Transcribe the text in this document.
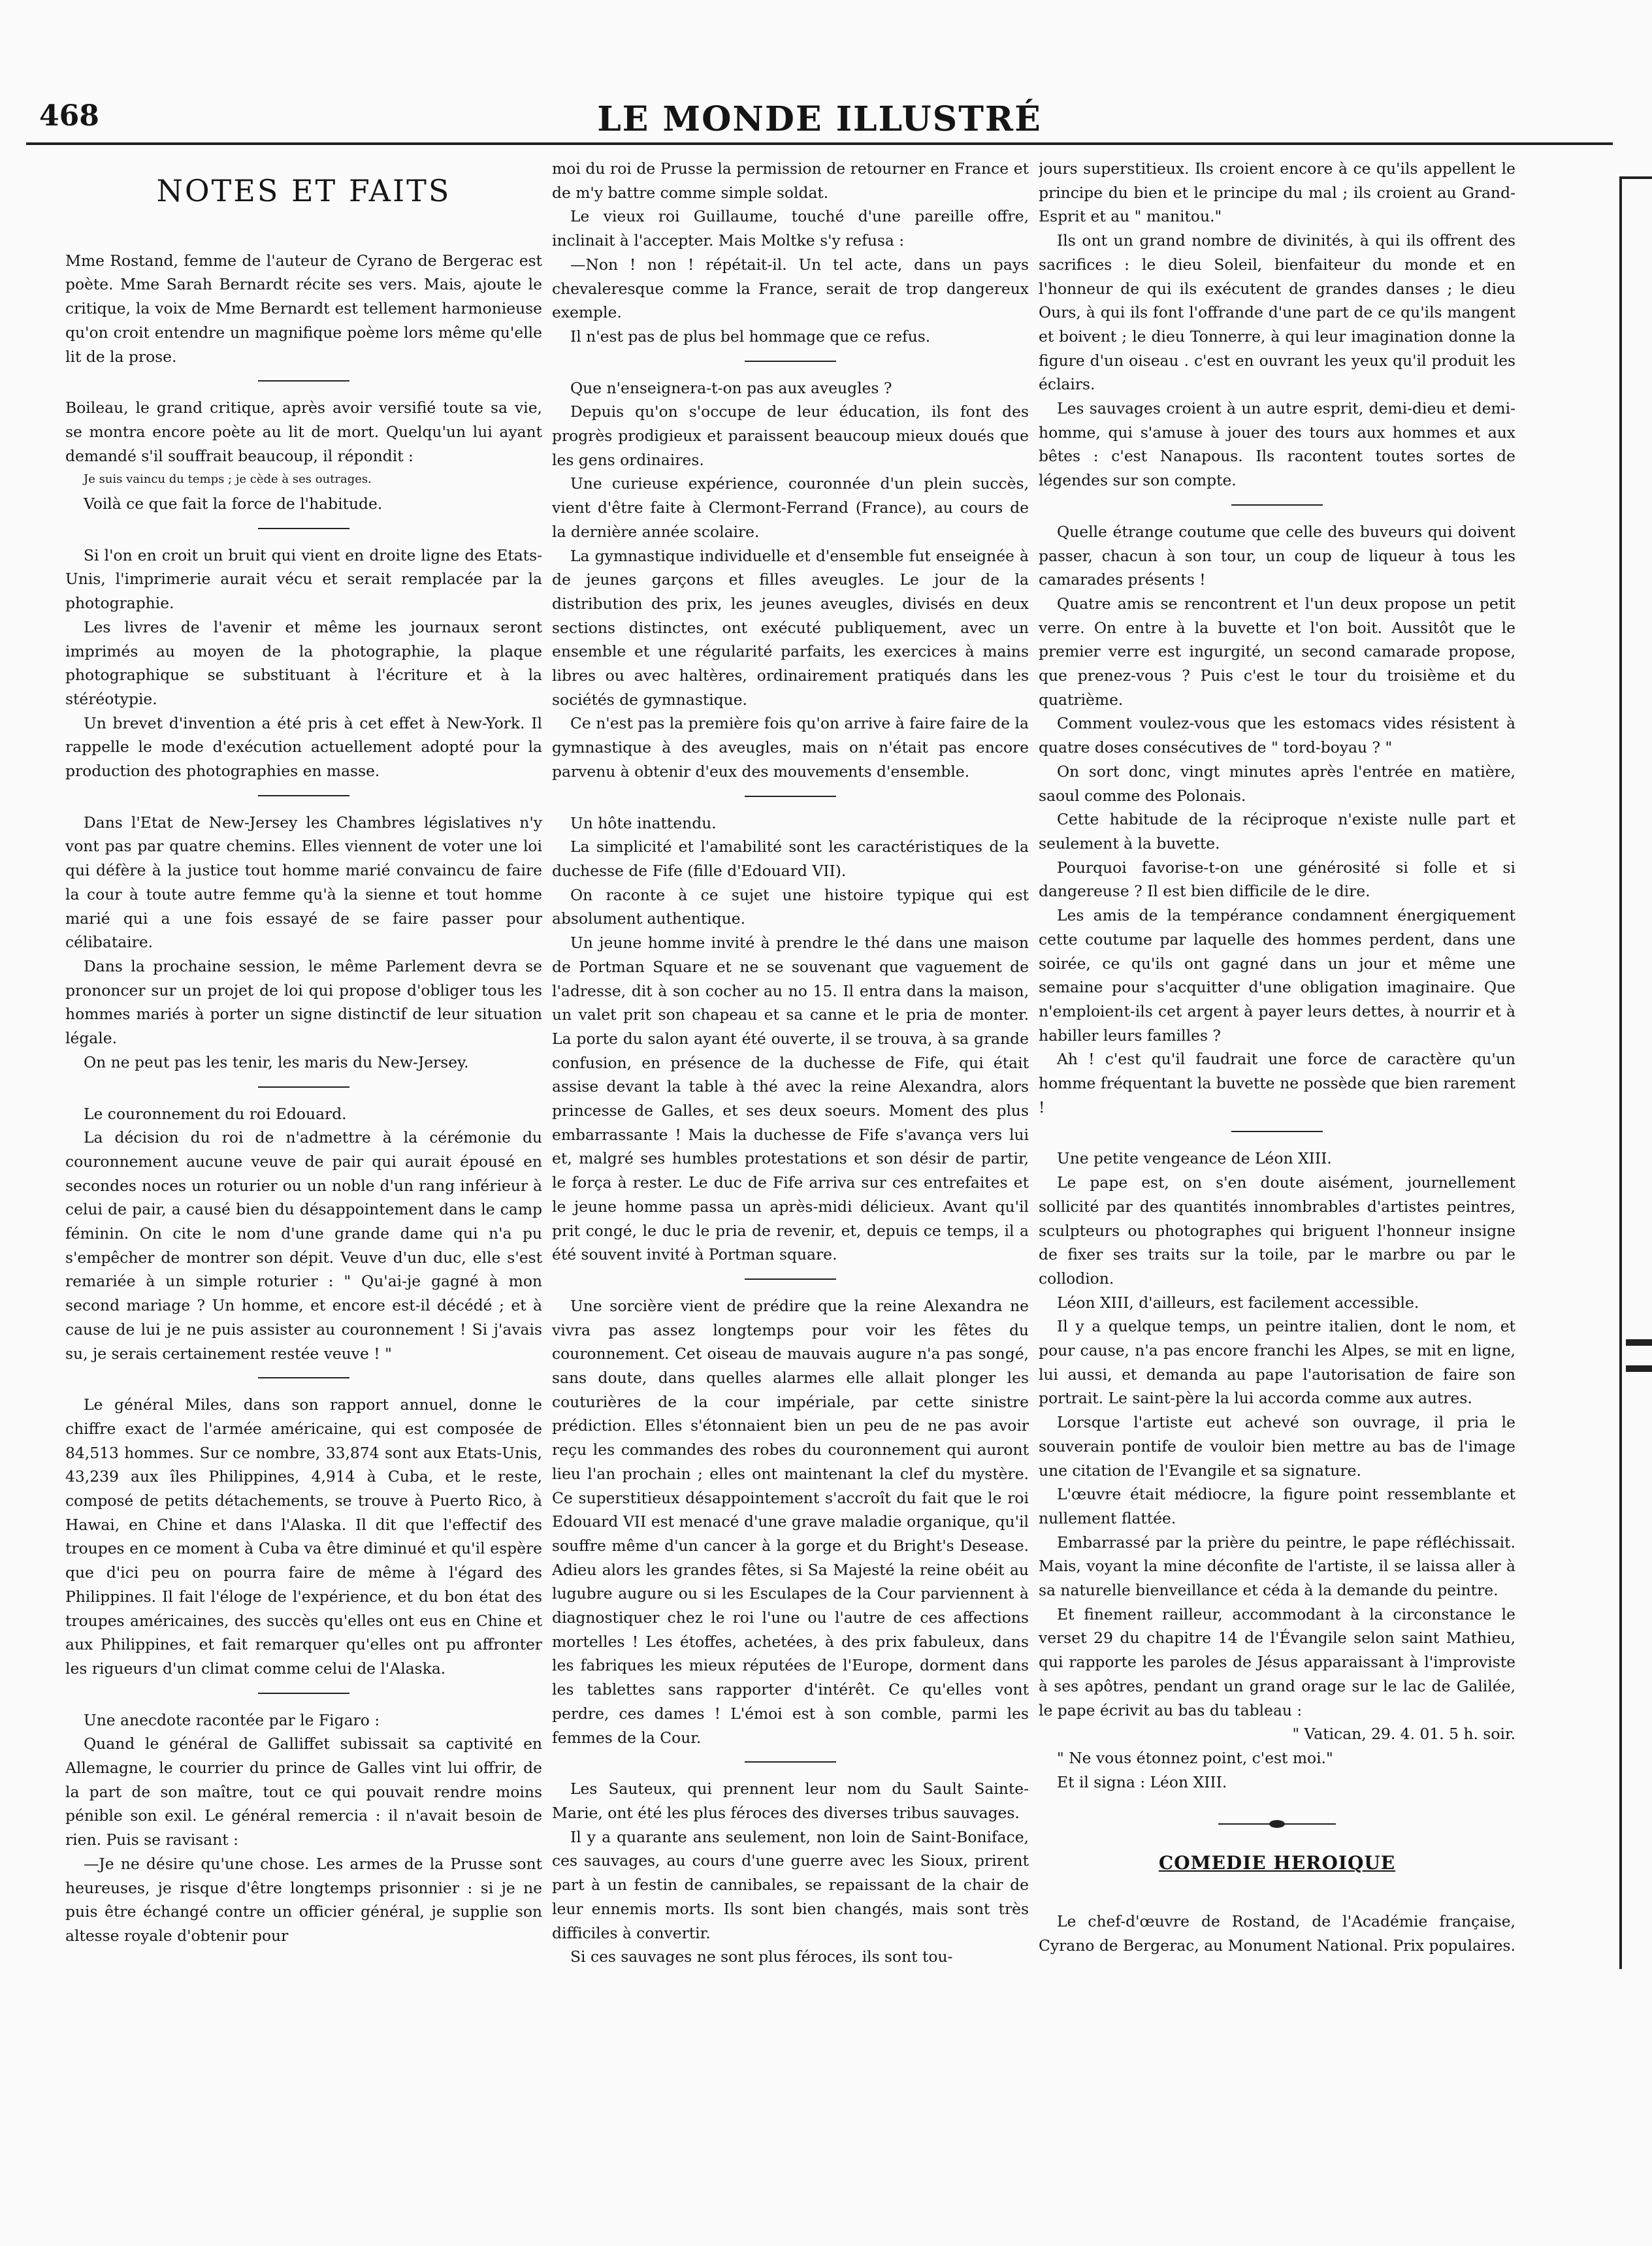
468	LE MONDE ILLUSTRÉ
NOTES ET FAITS

Mme Rostand, femme de l'auteur de Cyrano de Bergerac est poète. Mme Sarah Bernardt récite ses vers. Mais, ajoute le critique, la voix de Mme Bernardt est tellement harmonieuse qu'on croit entendre un magnifique poème lors même qu'elle lit de la prose.

Boileau, le grand critique, après avoir versifié toute sa vie, se montra encore poète au lit de mort. Quelqu'un lui ayant demandé s'il souffrait beaucoup, il répondit :

Je suis vaincu du temps ; je cède à ses outrages.

Voilà ce que fait la force de l'habitude.

Si l'on en croit un bruit qui vient en droite ligne des Etats-Unis, l'imprimerie aurait vécu et serait remplacée par la photographie.

Les livres de l'avenir et même les journaux seront imprimés au moyen de la photographie, la plaque photographique se substituant à l'écriture et à la stéréotypie.

Un brevet d'invention a été pris à cet effet à New-York. Il rappelle le mode d'exécution actuellement adopté pour la production des photographies en masse.

Dans l'Etat de New-Jersey les Chambres législatives n'y vont pas par quatre chemins. Elles viennent de voter une loi qui défère à la justice tout homme marié convaincu de faire la cour à toute autre femme qu'à la sienne et tout homme marié qui a une fois essayé de se faire passer pour célibataire.

Dans la prochaine session, le même Parlement devra se prononcer sur un projet de loi qui propose d'obliger tous les hommes mariés à porter un signe distinctif de leur situation légale.

On ne peut pas les tenir, les maris du New-Jersey.

Le couronnement du roi Edouard.

La décision du roi de n'admettre à la cérémonie du couronnement aucune veuve de pair qui aurait épousé en secondes noces un roturier ou un noble d'un rang inférieur à celui de pair, a causé bien du désappointement dans le camp féminin. On cite le nom d'une grande dame qui n'a pu s'empêcher de montrer son dépit. Veuve d'un duc, elle s'est remariée à un simple roturier : " Qu'ai-je gagné à mon second mariage ? Un homme, et encore est-il décédé ; et à cause de lui je ne puis assister au couronnement ! Si j'avais su, je serais certainement restée veuve ! "

Le général Miles, dans son rapport annuel, donne le chiffre exact de l'armée américaine, qui est composée de 84,513 hommes. Sur ce nombre, 33,874 sont aux Etats-Unis, 43,239 aux îles Philippines, 4,914 à Cuba, et le reste, composé de petits détachements, se trouve à Puerto Rico, à Hawai, en Chine et dans l'Alaska. Il dit que l'effectif des troupes en ce moment à Cuba va être diminué et qu'il espère que d'ici peu on pourra faire de même à l'égard des Philippines. Il fait l'éloge de l'expérience, et du bon état des troupes américaines, des succès qu'elles ont eus en Chine et aux Philippines, et fait remarquer qu'elles ont pu affronter les rigueurs d'un climat comme celui de l'Alaska.

Une anecdote racontée par le Figaro :

Quand le général de Galliffet subissait sa captivité en Allemagne, le courrier du prince de Galles vint lui offrir, de la part de son maître, tout ce qui pouvait rendre moins pénible son exil. Le général remercia : il n'avait besoin de rien. Puis se ravisant :

—Je ne désire qu'une chose. Les armes de la Prusse sont heureuses, je risque d'être longtemps prisonnier : si je ne puis être échangé contre un officier général, je supplie son altesse royale d'obtenir pour

moi du roi de Prusse la permission de retourner en France et de m'y battre comme simple soldat.

Le vieux roi Guillaume, touché d'une pareille offre, inclinait à l'accepter. Mais Moltke s'y refusa :

—Non ! non ! répétait-il. Un tel acte, dans un pays chevaleresque comme la France, serait de trop dangereux exemple.

Il n'est pas de plus bel hommage que ce refus.

Que n'enseignera-t-on pas aux aveugles ?

Depuis qu'on s'occupe de leur éducation, ils font des progrès prodigieux et paraissent beaucoup mieux doués que les gens ordinaires.

Une curieuse expérience, couronnée d'un plein succès, vient d'être faite à Clermont-Ferrand (France), au cours de la dernière année scolaire.

La gymnastique individuelle et d'ensemble fut enseignée à de jeunes garçons et filles aveugles. Le jour de la distribution des prix, les jeunes aveugles, divisés en deux sections distinctes, ont exécuté publiquement, avec un ensemble et une régularité parfaits, les exercices à mains libres ou avec haltères, ordinairement pratiqués dans les sociétés de gymnastique.

Ce n'est pas la première fois qu'on arrive à faire faire de la gymnastique à des aveugles, mais on n'était pas encore parvenu à obtenir d'eux des mouvements d'ensemble.

Un hôte inattendu.

La simplicité et l'amabilité sont les caractéristiques de la duchesse de Fife (fille d'Edouard VII).

On raconte à ce sujet une histoire typique qui est absolument authentique.

Un jeune homme invité à prendre le thé dans une maison de Portman Square et ne se souvenant que vaguement de l'adresse, dit à son cocher au no 15. Il entra dans la maison, un valet prit son chapeau et sa canne et le pria de monter. La porte du salon ayant été ouverte, il se trouva, à sa grande confusion, en présence de la duchesse de Fife, qui était assise devant la table à thé avec la reine Alexandra, alors princesse de Galles, et ses deux soeurs. Moment des plus embarrassante ! Mais la duchesse de Fife s'avança vers lui et, malgré ses humbles protestations et son désir de partir, le força à rester. Le duc de Fife arriva sur ces entrefaites et le jeune homme passa un après-midi délicieux. Avant qu'il prit congé, le duc le pria de revenir, et, depuis ce temps, il a été souvent invité à Portman square.

Une sorcière vient de prédire que la reine Alexandra ne vivra pas assez longtemps pour voir les fêtes du couronnement. Cet oiseau de mauvais augure n'a pas songé, sans doute, dans quelles alarmes elle allait plonger les couturières de la cour impériale, par cette sinistre prédiction. Elles s'étonnaient bien un peu de ne pas avoir reçu les commandes des robes du couronnement qui auront lieu l'an prochain ; elles ont maintenant la clef du mystère. Ce superstitieux désappointement s'accroît du fait que le roi Edouard VII est menacé d'une grave maladie organique, qu'il souffre même d'un cancer à la gorge et du Bright's Desease. Adieu alors les grandes fêtes, si Sa Majesté la reine obéit au lugubre augure ou si les Esculapes de la Cour parviennent à diagnostiquer chez le roi l'une ou l'autre de ces affections mortelles ! Les étoffes, achetées, à des prix fabuleux, dans les fabriques les mieux réputées de l'Europe, dorment dans les tablettes sans rapporter d'intérêt. Ce qu'elles vont perdre, ces dames ! L'émoi est à son comble, parmi les femmes de la Cour.

Les Sauteux, qui prennent leur nom du Sault Sainte-Marie, ont été les plus féroces des diverses tribus sauvages.

Il y a quarante ans seulement, non loin de Saint-Boniface, ces sauvages, au cours d'une guerre avec les Sioux, prirent part à un festin de cannibales, se repaissant de la chair de leur ennemis morts. Ils sont bien changés, mais sont très difficiles à convertir.

Si ces sauvages ne sont plus féroces, ils sont tou-

jours superstitieux. Ils croient encore à ce qu'ils appellent le principe du bien et le principe du mal ; ils croient au Grand-Esprit et au " manitou."

Ils ont un grand nombre de divinités, à qui ils offrent des sacrifices : le dieu Soleil, bienfaiteur du monde et en l'honneur de qui ils exécutent de grandes danses ; le dieu Ours, à qui ils font l'offrande d'une part de ce qu'ils mangent et boivent ; le dieu Tonnerre, à qui leur imagination donne la figure d'un oiseau . c'est en ouvrant les yeux qu'il produit les éclairs.

Les sauvages croient à un autre esprit, demi-dieu et demi-homme, qui s'amuse à jouer des tours aux hommes et aux bêtes : c'est Nanapous. Ils racontent toutes sortes de légendes sur son compte.

Quelle étrange coutume que celle des buveurs qui doivent passer, chacun à son tour, un coup de liqueur à tous les camarades présents !

Quatre amis se rencontrent et l'un deux propose un petit verre. On entre à la buvette et l'on boit. Aussitôt que le premier verre est ingurgité, un second camarade propose, que prenez-vous ? Puis c'est le tour du troisième et du quatrième.

Comment voulez-vous que les estomacs vides résistent à quatre doses consécutives de " tord-boyau ? "

On sort donc, vingt minutes après l'entrée en matière, saoul comme des Polonais.

Cette habitude de la réciproque n'existe nulle part et seulement à la buvette.

Pourquoi favorise-t-on une générosité si folle et si dangereuse ? Il est bien difficile de le dire.

Les amis de la tempérance condamnent énergiquement cette coutume par laquelle des hommes perdent, dans une soirée, ce qu'ils ont gagné dans un jour et même une semaine pour s'acquitter d'une obligation imaginaire. Que n'emploient-ils cet argent à payer leurs dettes, à nourrir et à habiller leurs familles ?

Ah ! c'est qu'il faudrait une force de caractère qu'un homme fréquentant la buvette ne possède que bien rarement !

Une petite vengeance de Léon XIII.

Le pape est, on s'en doute aisément, journellement sollicité par des quantités innombrables d'artistes peintres, sculpteurs ou photographes qui briguent l'honneur insigne de fixer ses traits sur la toile, par le marbre ou par le collodion.

Léon XIII, d'ailleurs, est facilement accessible.

Il y a quelque temps, un peintre italien, dont le nom, et pour cause, n'a pas encore franchi les Alpes, se mit en ligne, lui aussi, et demanda au pape l'autorisation de faire son portrait. Le saint-père la lui accorda comme aux autres.

Lorsque l'artiste eut achevé son ouvrage, il pria le souverain pontife de vouloir bien mettre au bas de l'image une citation de l'Evangile et sa signature.

L'œuvre était médiocre, la figure point ressemblante et nullement flattée.

Embarrassé par la prière du peintre, le pape réfléchissait. Mais, voyant la mine déconfite de l'artiste, il se laissa aller à sa naturelle bienveillance et céda à la demande du peintre.

Et finement railleur, accommodant à la circonstance le verset 29 du chapitre 14 de l'Évangile selon saint Mathieu, qui rapporte les paroles de Jésus apparaissant à l'improviste à ses apôtres, pendant un grand orage sur le lac de Galilée, le pape écrivit au bas du tableau :

" Vatican, 29. 4. 01. 5 h. soir.

" Ne vous étonnez point, c'est moi."

Et il signa : Léon XIII.

COMEDIE HEROIQUE

Le chef-d'œuvre de Rostand, de l'Académie française, Cyrano de Bergerac, au Monument National. Prix populaires.
